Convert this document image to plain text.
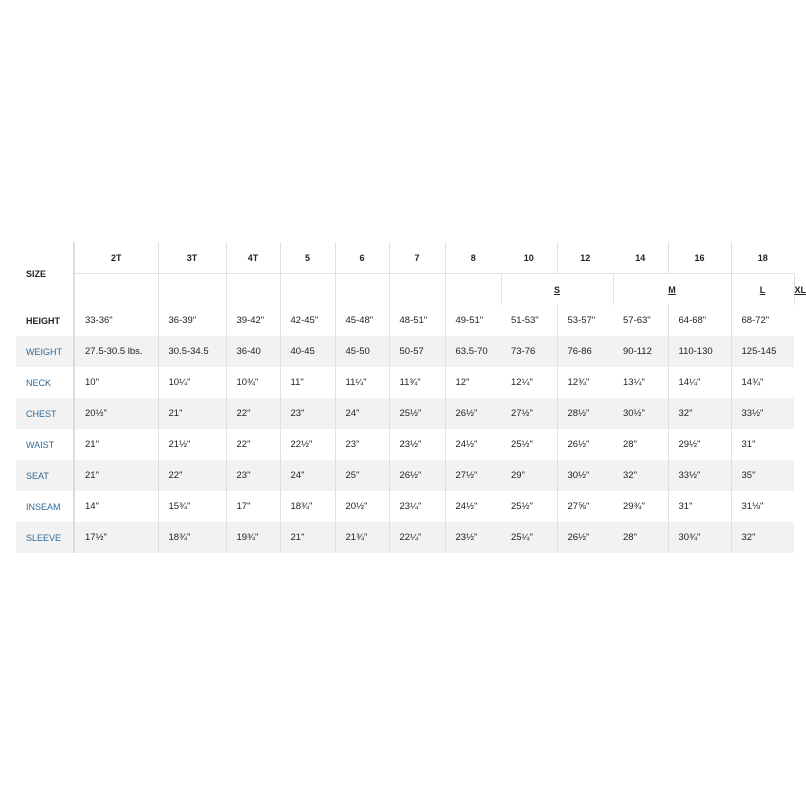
SIZE	2T	3T	4T	5	6	7	8	10	12	14	16	18	
								S		M		L	XL
HEIGHT	33-36"	36-39"	39-42"	42-45"	45-48"	48-51"	49-51"	51-53"	53-57"	57-63"	64-68"	68-72"	
WEIGHT	27.5-30.5 lbs.	30.5-34.5	36-40	40-45	45-50	50-57	63.5-70	73-76	76-86	90-112	110-130	125-145	
NECK	10"	10¼"	10¾"	11"	11¼"	11¾"	12"	12¼"	12¾"	13¼"	14¼"	14¾"	
CHEST	20½"	21"	22"	23"	24"	25½"	26½"	27½"	28½"	30½"	32"	33½"	
WAIST	21"	21½"	22"	22½"	23"	23½"	24½"	25½"	26½"	28"	29½"	31"	
SEAT	21"	22"	23"	24"	25"	26½"	27½"	29"	30½"	32"	33½"	35"	
INSEAM	14"	15¾"	17"	18¾"	20½"	23¼"	24½"	25½"	27⅝"	29¾"	31"	31⅛"	
SLEEVE	17½"	18¾"	19¾"	21"	21¾"	22¼"	23½"	25¼"	26½"	28"	30¾"	32"	
